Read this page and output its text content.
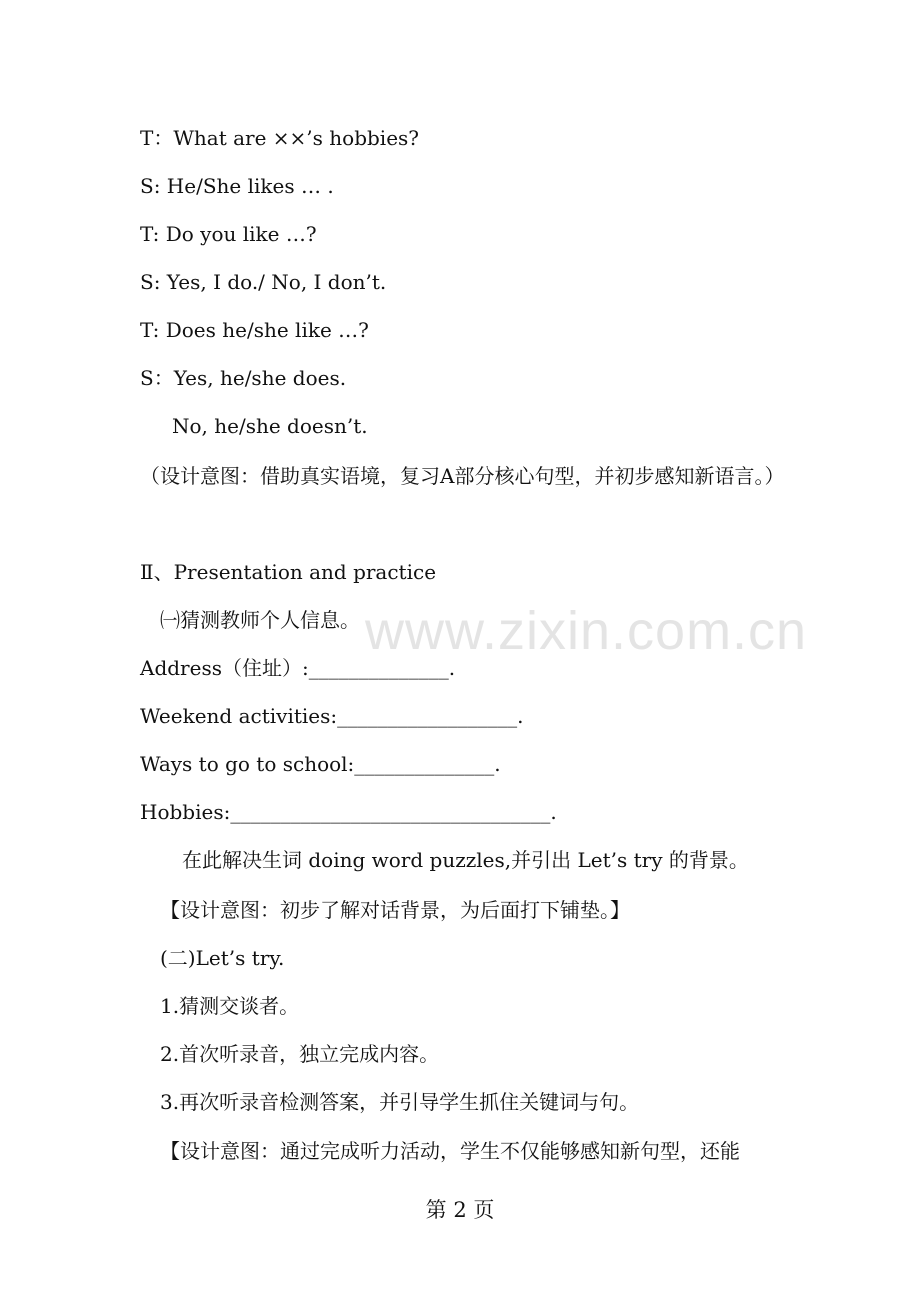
www.zixin.com.cn
T：What are ××’s hobbies?
S: He/She likes … .
T: Do you like …?
S: Yes, I do./ No, I don’t.
T: Does he/she like …?
S：Yes, he/she does.
No, he/she doesn’t.
（设计意图：借助真实语境，复习A部分核心句型，并初步感知新语言。）
Ⅱ、Presentation and practice
㈠猜测教师个人信息。
Address（住址）:______________.
Weekend activities:__________________.
Ways to go to school:______________.
Hobbies:________________________________.
在此解决生词 doing word puzzles,并引出 Let’s try 的背景。
【设计意图：初步了解对话背景，为后面打下铺垫。】
(二)Let’s try.
1.猜测交谈者。
2.首次听录音，独立完成内容。
3.再次听录音检测答案，并引导学生抓住关键词与句。
【设计意图：通过完成听力活动，学生不仅能够感知新句型，还能
第 2 页
